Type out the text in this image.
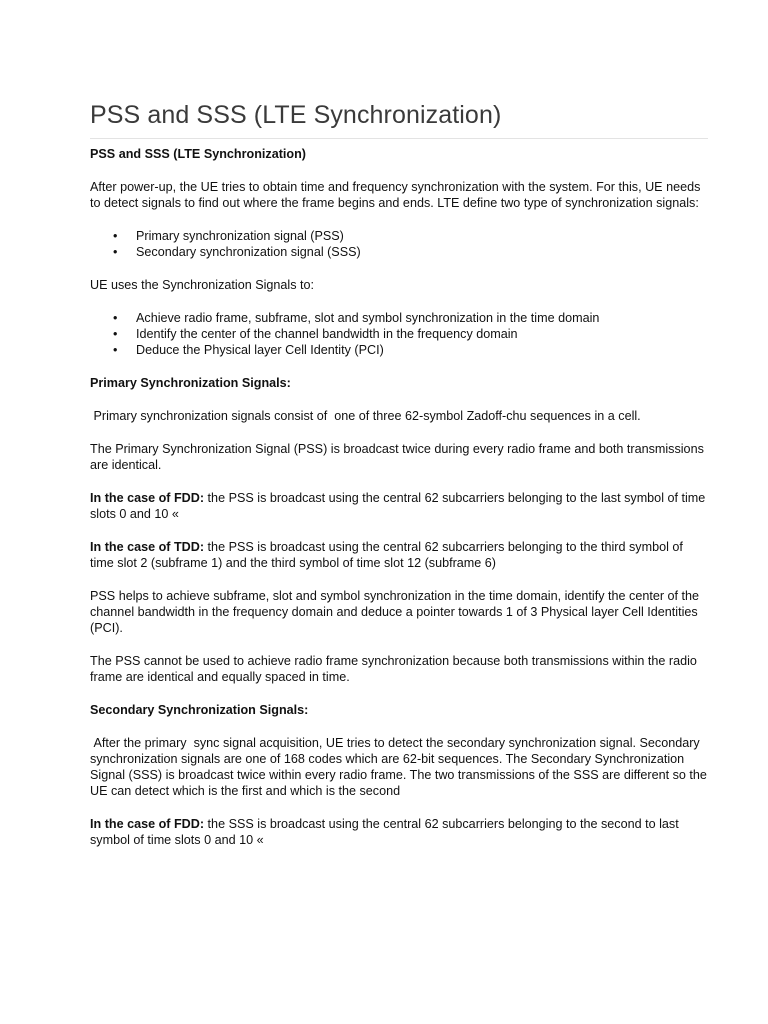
PSS and SSS (LTE Synchronization)
PSS and SSS (LTE Synchronization)

After power-up, the UE tries to obtain time and frequency synchronization with the system. For this, UE needs to detect signals to find out where the frame begins and ends. LTE define two type of synchronization signals:

• Primary synchronization signal (PSS)
• Secondary synchronization signal (SSS)

UE uses the Synchronization Signals to:

• Achieve radio frame, subframe, slot and symbol synchronization in the time domain
• Identify the center of the channel bandwidth in the frequency domain
• Deduce the Physical layer Cell Identity (PCI)
Primary Synchronization Signals:

Primary synchronization signals consist of  one of three 62-symbol Zadoff-chu sequences in a cell.

The Primary Synchronization Signal (PSS) is broadcast twice during every radio frame and both transmissions are identical.

In the case of FDD: the PSS is broadcast using the central 62 subcarriers belonging to the last symbol of time slots 0 and 10 «

In the case of TDD: the PSS is broadcast using the central 62 subcarriers belonging to the third symbol of time slot 2 (subframe 1) and the third symbol of time slot 12 (subframe 6)

PSS helps to achieve subframe, slot and symbol synchronization in the time domain, identify the center of the channel bandwidth in the frequency domain and deduce a pointer towards 1 of 3 Physical layer Cell Identities (PCI).

The PSS cannot be used to achieve radio frame synchronization because both transmissions within the radio frame are identical and equally spaced in time.

Secondary Synchronization Signals:

After the primary  sync signal acquisition, UE tries to detect the secondary synchronization signal. Secondary synchronization signals are one of 168 codes which are 62-bit sequences. The Secondary Synchronization Signal (SSS) is broadcast twice within every radio frame. The two transmissions of the SSS are different so the UE can detect which is the first and which is the second

In the case of FDD: the SSS is broadcast using the central 62 subcarriers belonging to the second to last symbol of time slots 0 and 10 «
